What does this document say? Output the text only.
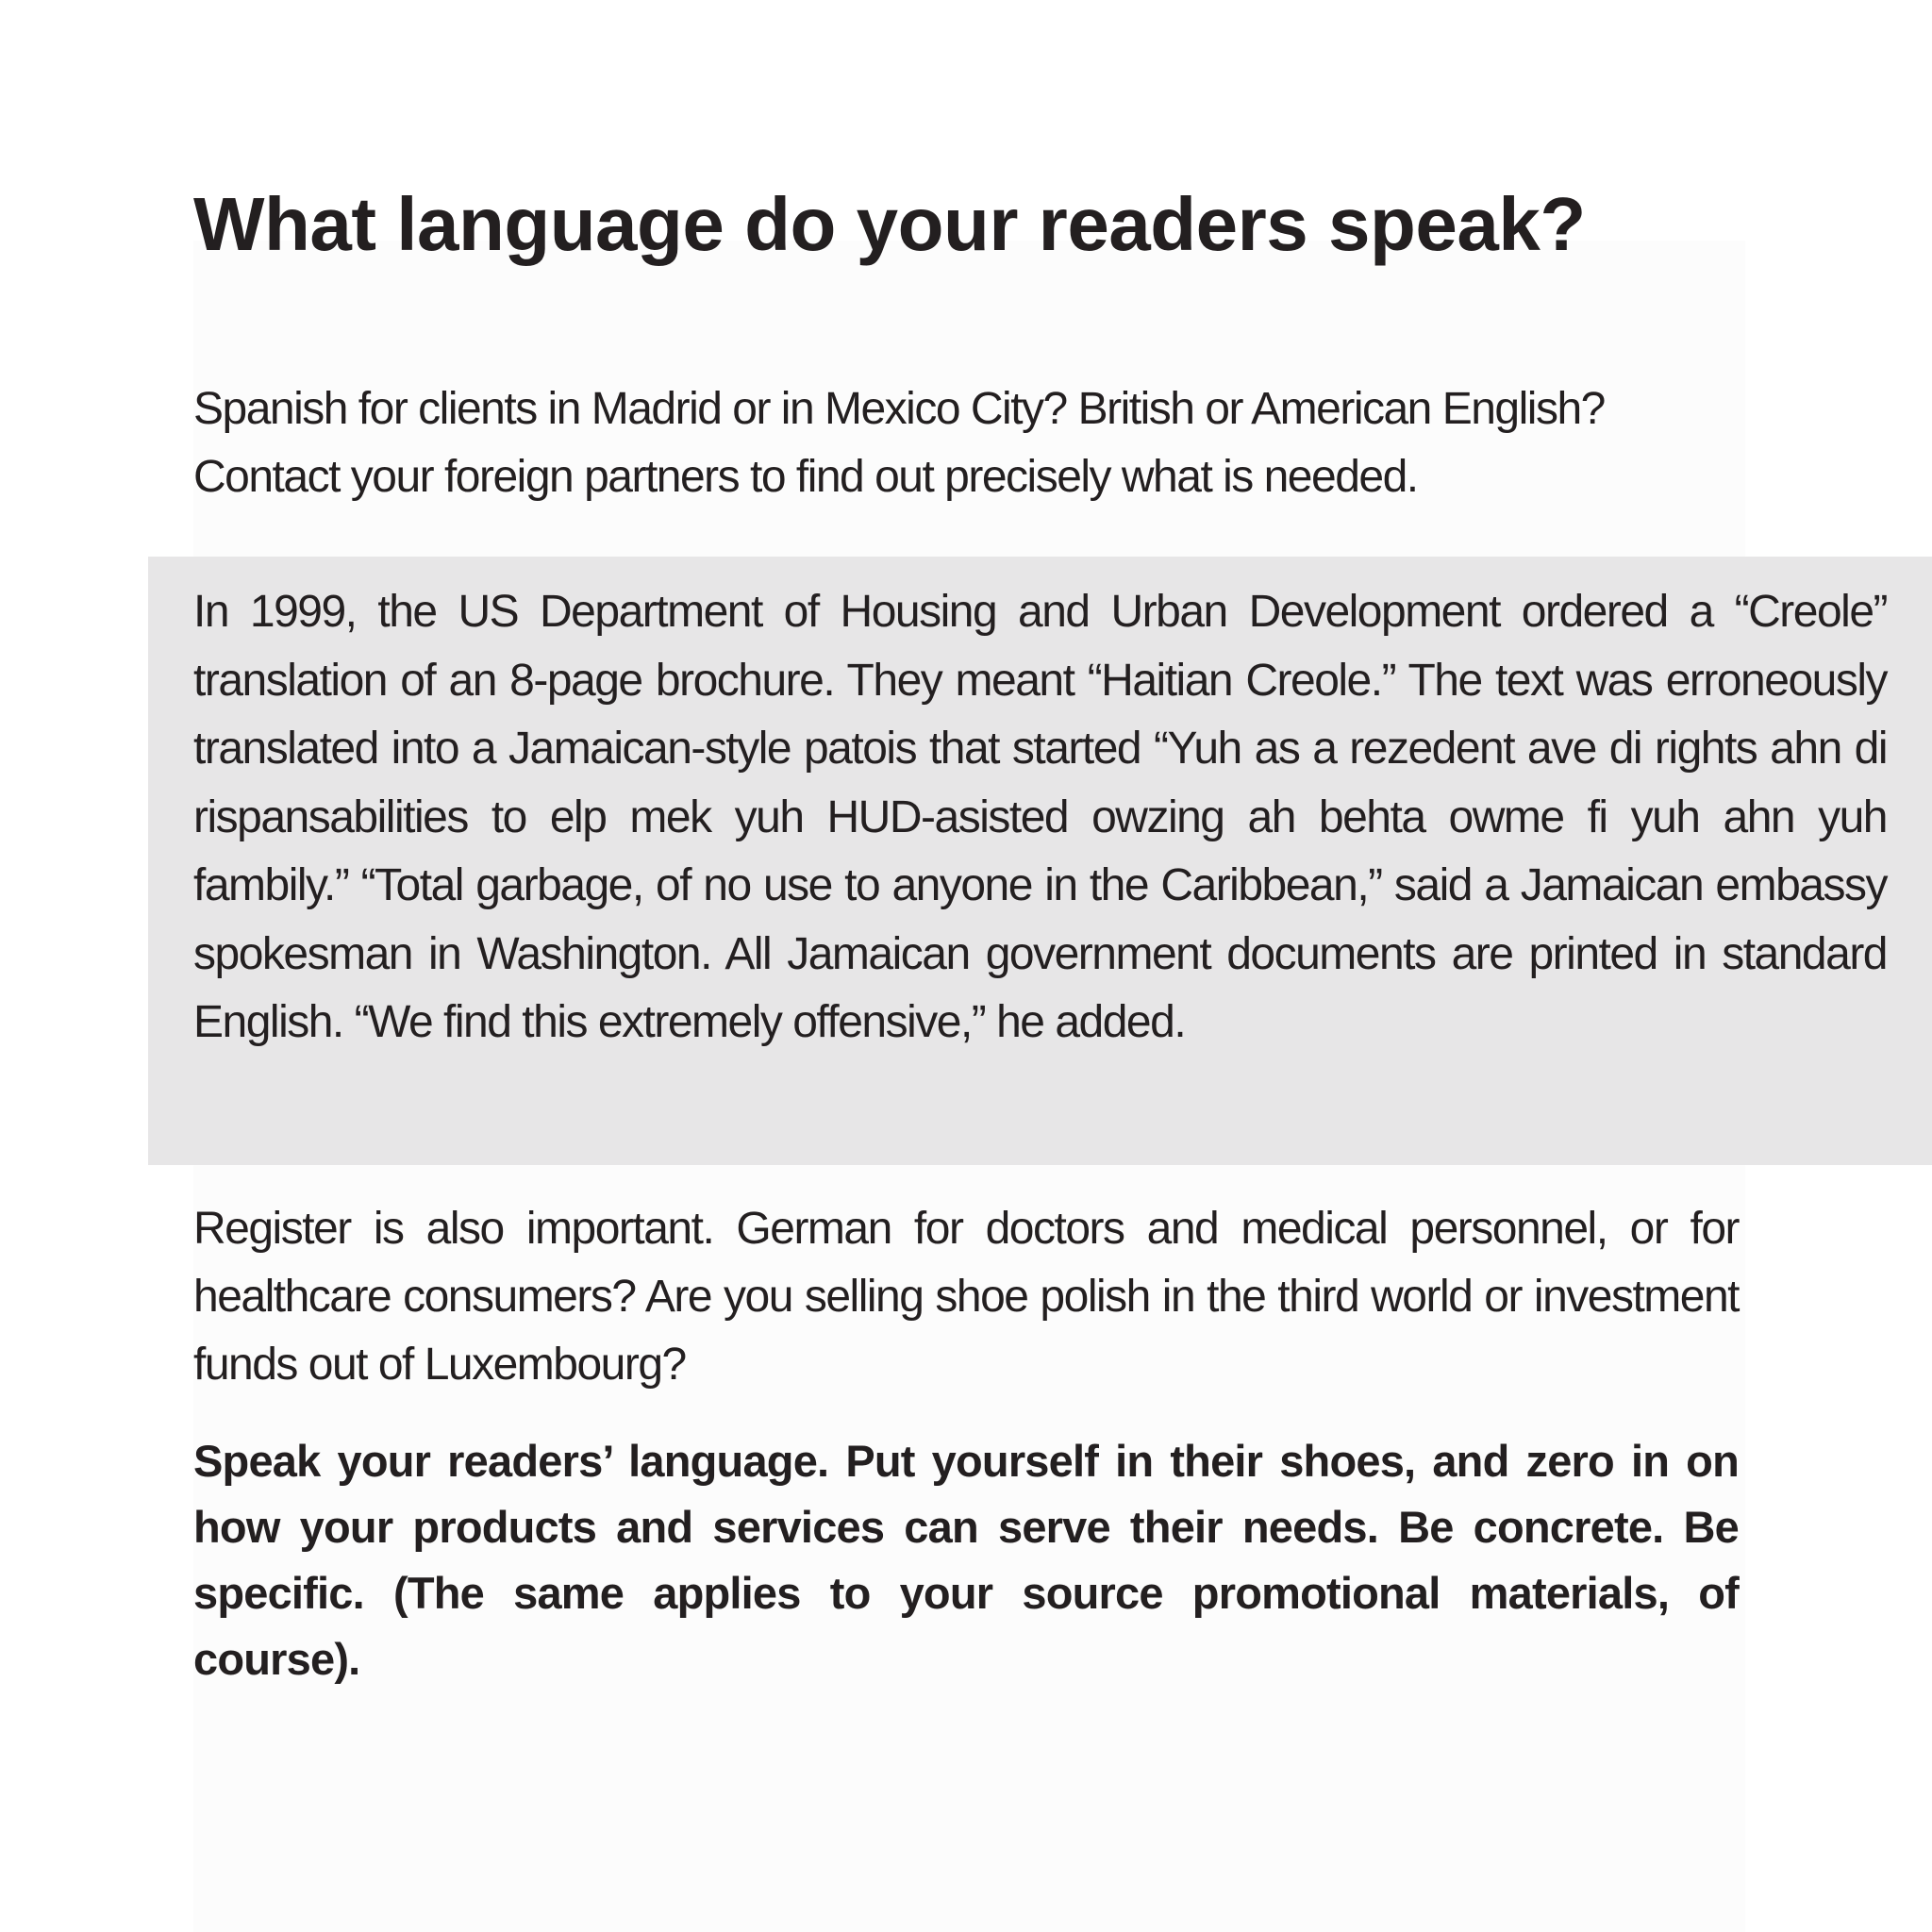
What language do your readers speak?

Spanish for clients in Madrid or in Mexico City? British or American English?
Contact your foreign partners to find out precisely what is needed.

In 1999, the US Department of Housing and Urban Development ordered a “Creole” translation of an 8-page brochure. They meant “Haitian Creole.” The text was erroneously translated into a Jamaican-style patois that started “Yuh as a rezedent ave di rights ahn di rispansabilities to elp mek yuh HUD-asisted owzing ah behta owme fi yuh ahn yuh fambily.” “Total garbage, of no use to anyone in the Caribbean,” said a Jamaican embassy spokesman in Washington. All Jamaican government documents are printed in standard English. “We find this extremely offensive,” he added.

Register is also important. German for doctors and medical personnel, or for healthcare consumers? Are you selling shoe polish in the third world or investment funds out of Luxembourg?

Speak your readers’ language. Put yourself in their shoes, and zero in on how your products and services can serve their needs. Be concrete. Be specific. (The same applies to your source promotional materials, of course).
